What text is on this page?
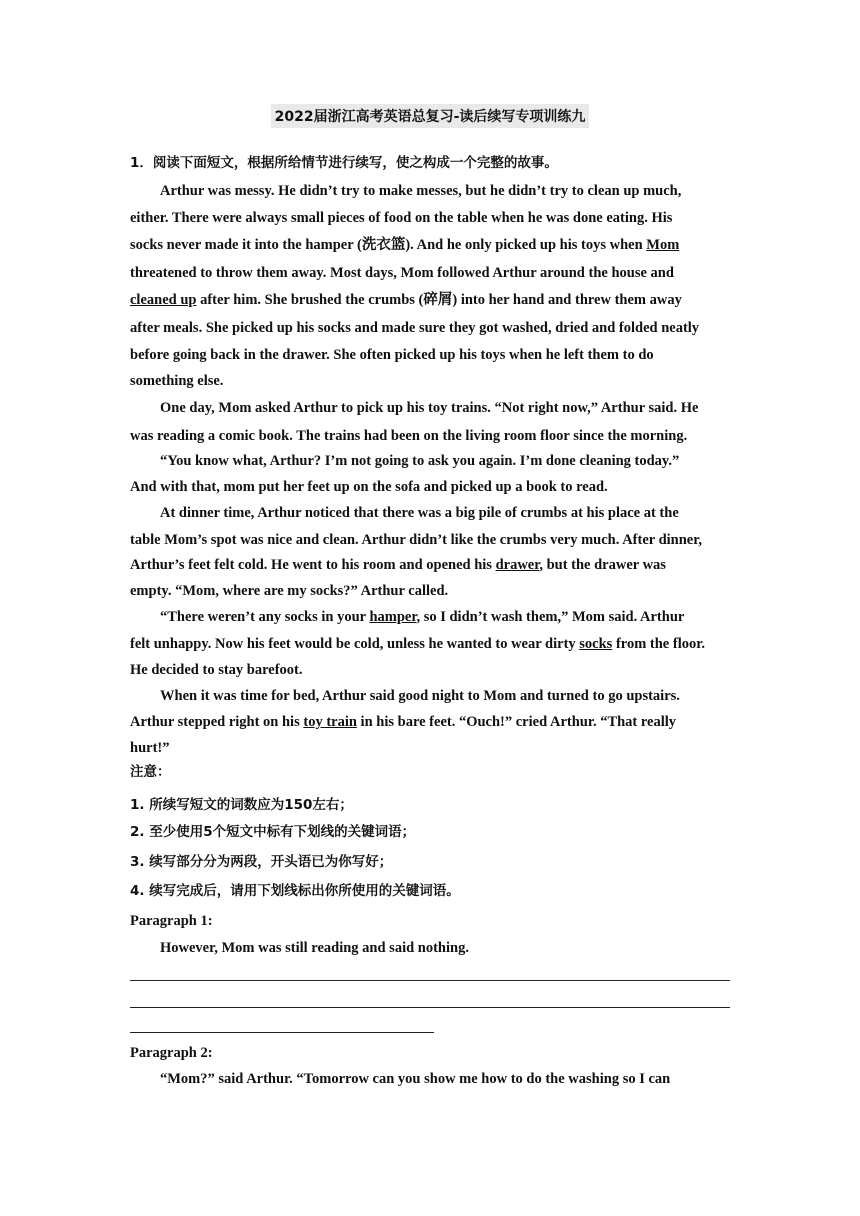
2022届浙江高考英语总复习-读后续写专项训练九
1．阅读下面短文，根据所给情节进行续写，使之构成一个完整的故事。
Arthur was messy. He didn’t try to make messes, but he didn’t try to clean up much,
either. There were always small pieces of food on the table when he was done eating. His
socks never made it into the hamper (洗衣篮). And he only picked up his toys when Mom
threatened to throw them away. Most days, Mom followed Arthur around the house and
cleaned up after him. She brushed the crumbs (碎屑) into her hand and threw them away
after meals. She picked up his socks and made sure they got washed, dried and folded neatly
before going back in the drawer. She often picked up his toys when he left them to do
something else.
One day, Mom asked Arthur to pick up his toy trains. “Not right now,” Arthur said. He
was reading a comic book. The trains had been on the living room floor since the morning.
“You know what, Arthur? I’m not going to ask you again. I’m done cleaning today.”
And with that, mom put her feet up on the sofa and picked up a book to read.
At dinner time, Arthur noticed that there was a big pile of crumbs at his place at the
table Mom’s spot was nice and clean. Arthur didn’t like the crumbs very much. After dinner,
Arthur’s feet felt cold. He went to his room and opened his drawer, but the drawer was
empty. “Mom, where are my socks?” Arthur called.
“There weren’t any socks in your hamper, so I didn’t wash them,” Mom said. Arthur
felt unhappy. Now his feet would be cold, unless he wanted to wear dirty socks from the floor.
He decided to stay barefoot.
When it was time for bed, Arthur said good night to Mom and turned to go upstairs.
Arthur stepped right on his toy train in his bare feet. “Ouch!” cried Arthur. “That really
hurt!”
注意：
1. 所续写短文的词数应为150左右；
2. 至少使用5个短文中标有下划线的关键词语；
3. 续写部分分为两段，开头语已为你写好；
4. 续写完成后，请用下划线标出你所使用的关键词语。
Paragraph 1:
However, Mom was still reading and said nothing.
Paragraph 2:
“Mom?” said Arthur. “Tomorrow can you show me how to do the washing so I can
